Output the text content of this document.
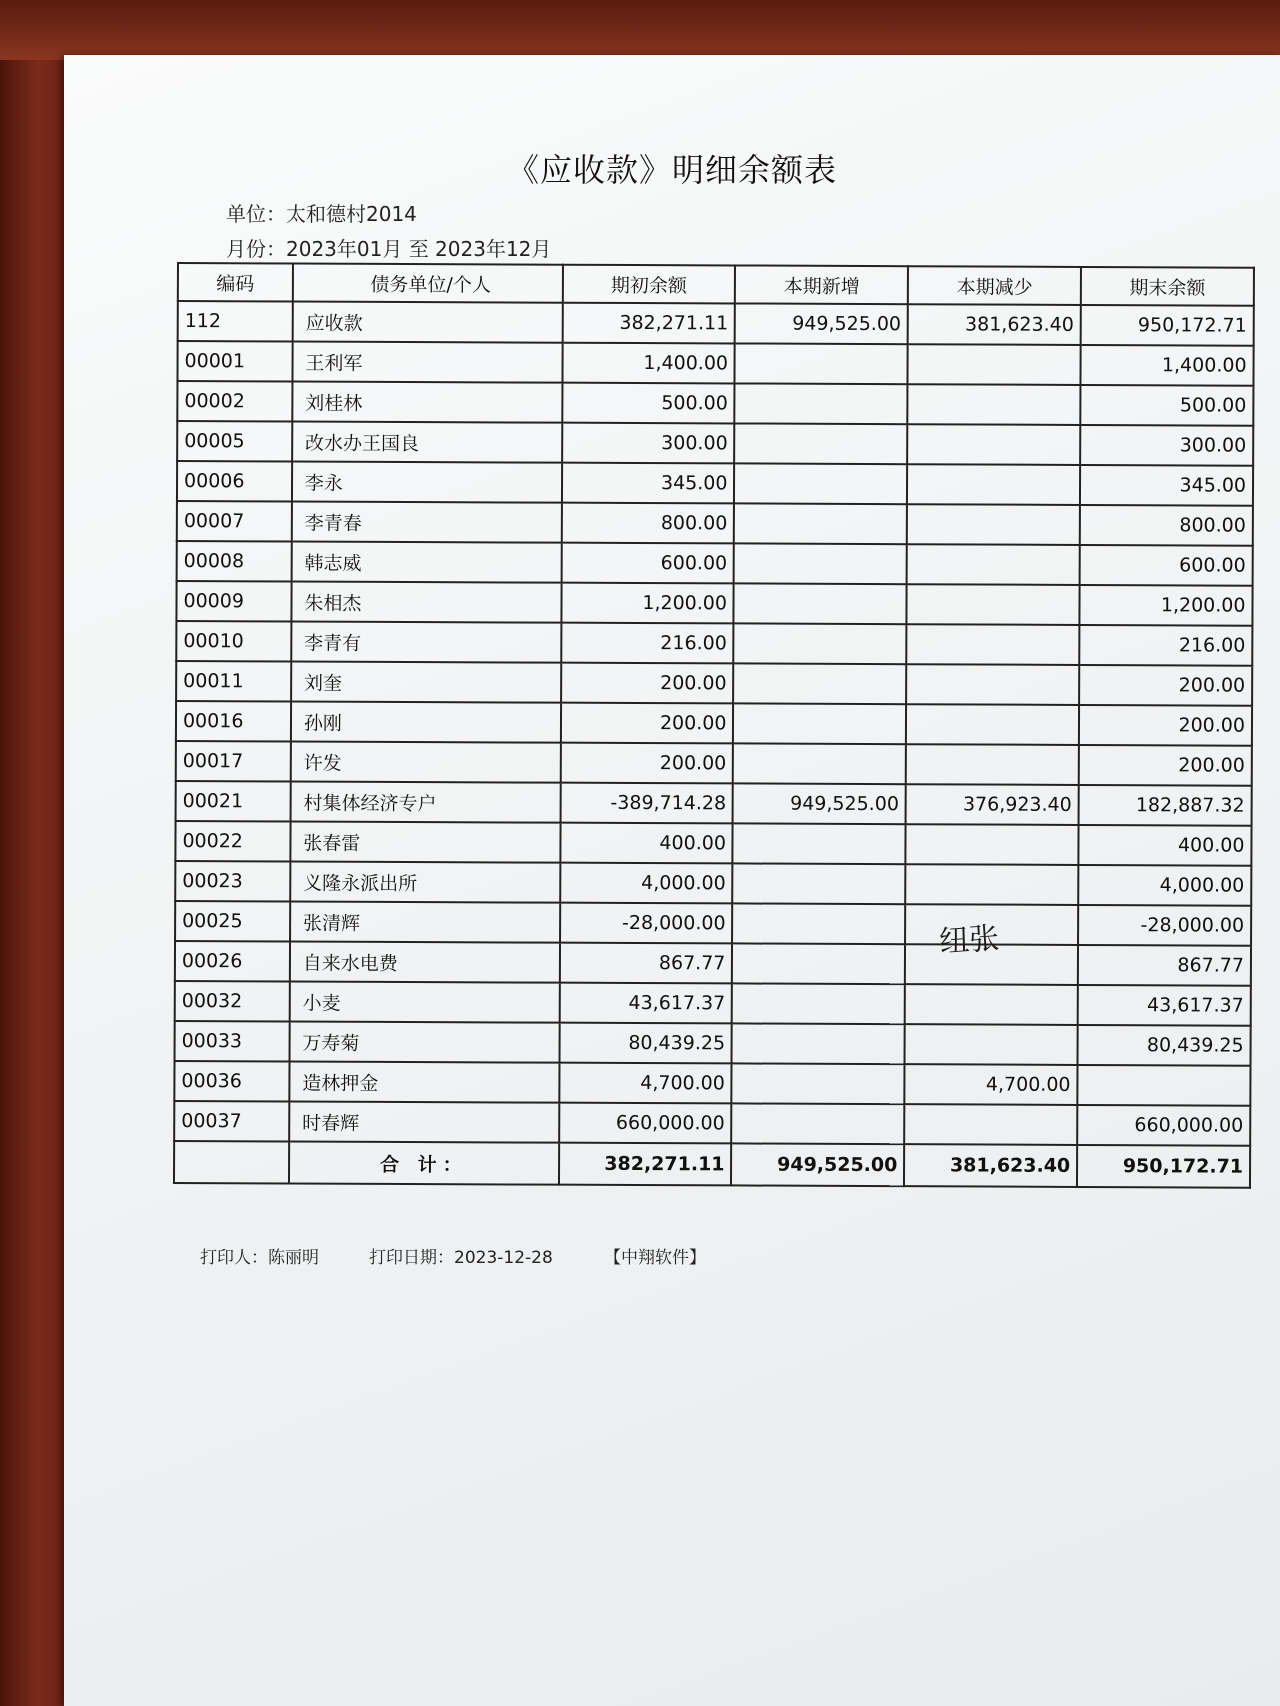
《应收款》明细余额表
单位：太和德村2014
月份：2023年01月 至 2023年12月
编码	债务单位/个人	期初余额	本期新增	本期减少	期末余额
112	应收款	382,271.11	949,525.00	381,623.40	950,172.71
00001	王利军	1,400.00			1,400.00
00002	刘桂林	500.00			500.00
00005	改水办王国良	300.00			300.00
00006	李永	345.00			345.00
00007	李青春	800.00			800.00
00008	韩志威	600.00			600.00
00009	朱相杰	1,200.00			1,200.00
00010	李青有	216.00			216.00
00011	刘奎	200.00			200.00
00016	孙刚	200.00			200.00
00017	许发	200.00			200.00
00021	村集体经济专户	-389,714.28	949,525.00	376,923.40	182,887.32
00022	张春雷	400.00			400.00
00023	义隆永派出所	4,000.00			4,000.00
00025	张清辉	-28,000.00			-28,000.00
00026	自来水电费	867.77			867.77
00032	小麦	43,617.37			43,617.37
00033	万寿菊	80,439.25			80,439.25
00036	造林押金	4,700.00		4,700.00	
00037	时春辉	660,000.00			660,000.00
	合 计：	382,271.11	949,525.00	381,623.40	950,172.71
纽张
打印人：陈丽明	打印日期：2023-12-28	【中翔软件】
